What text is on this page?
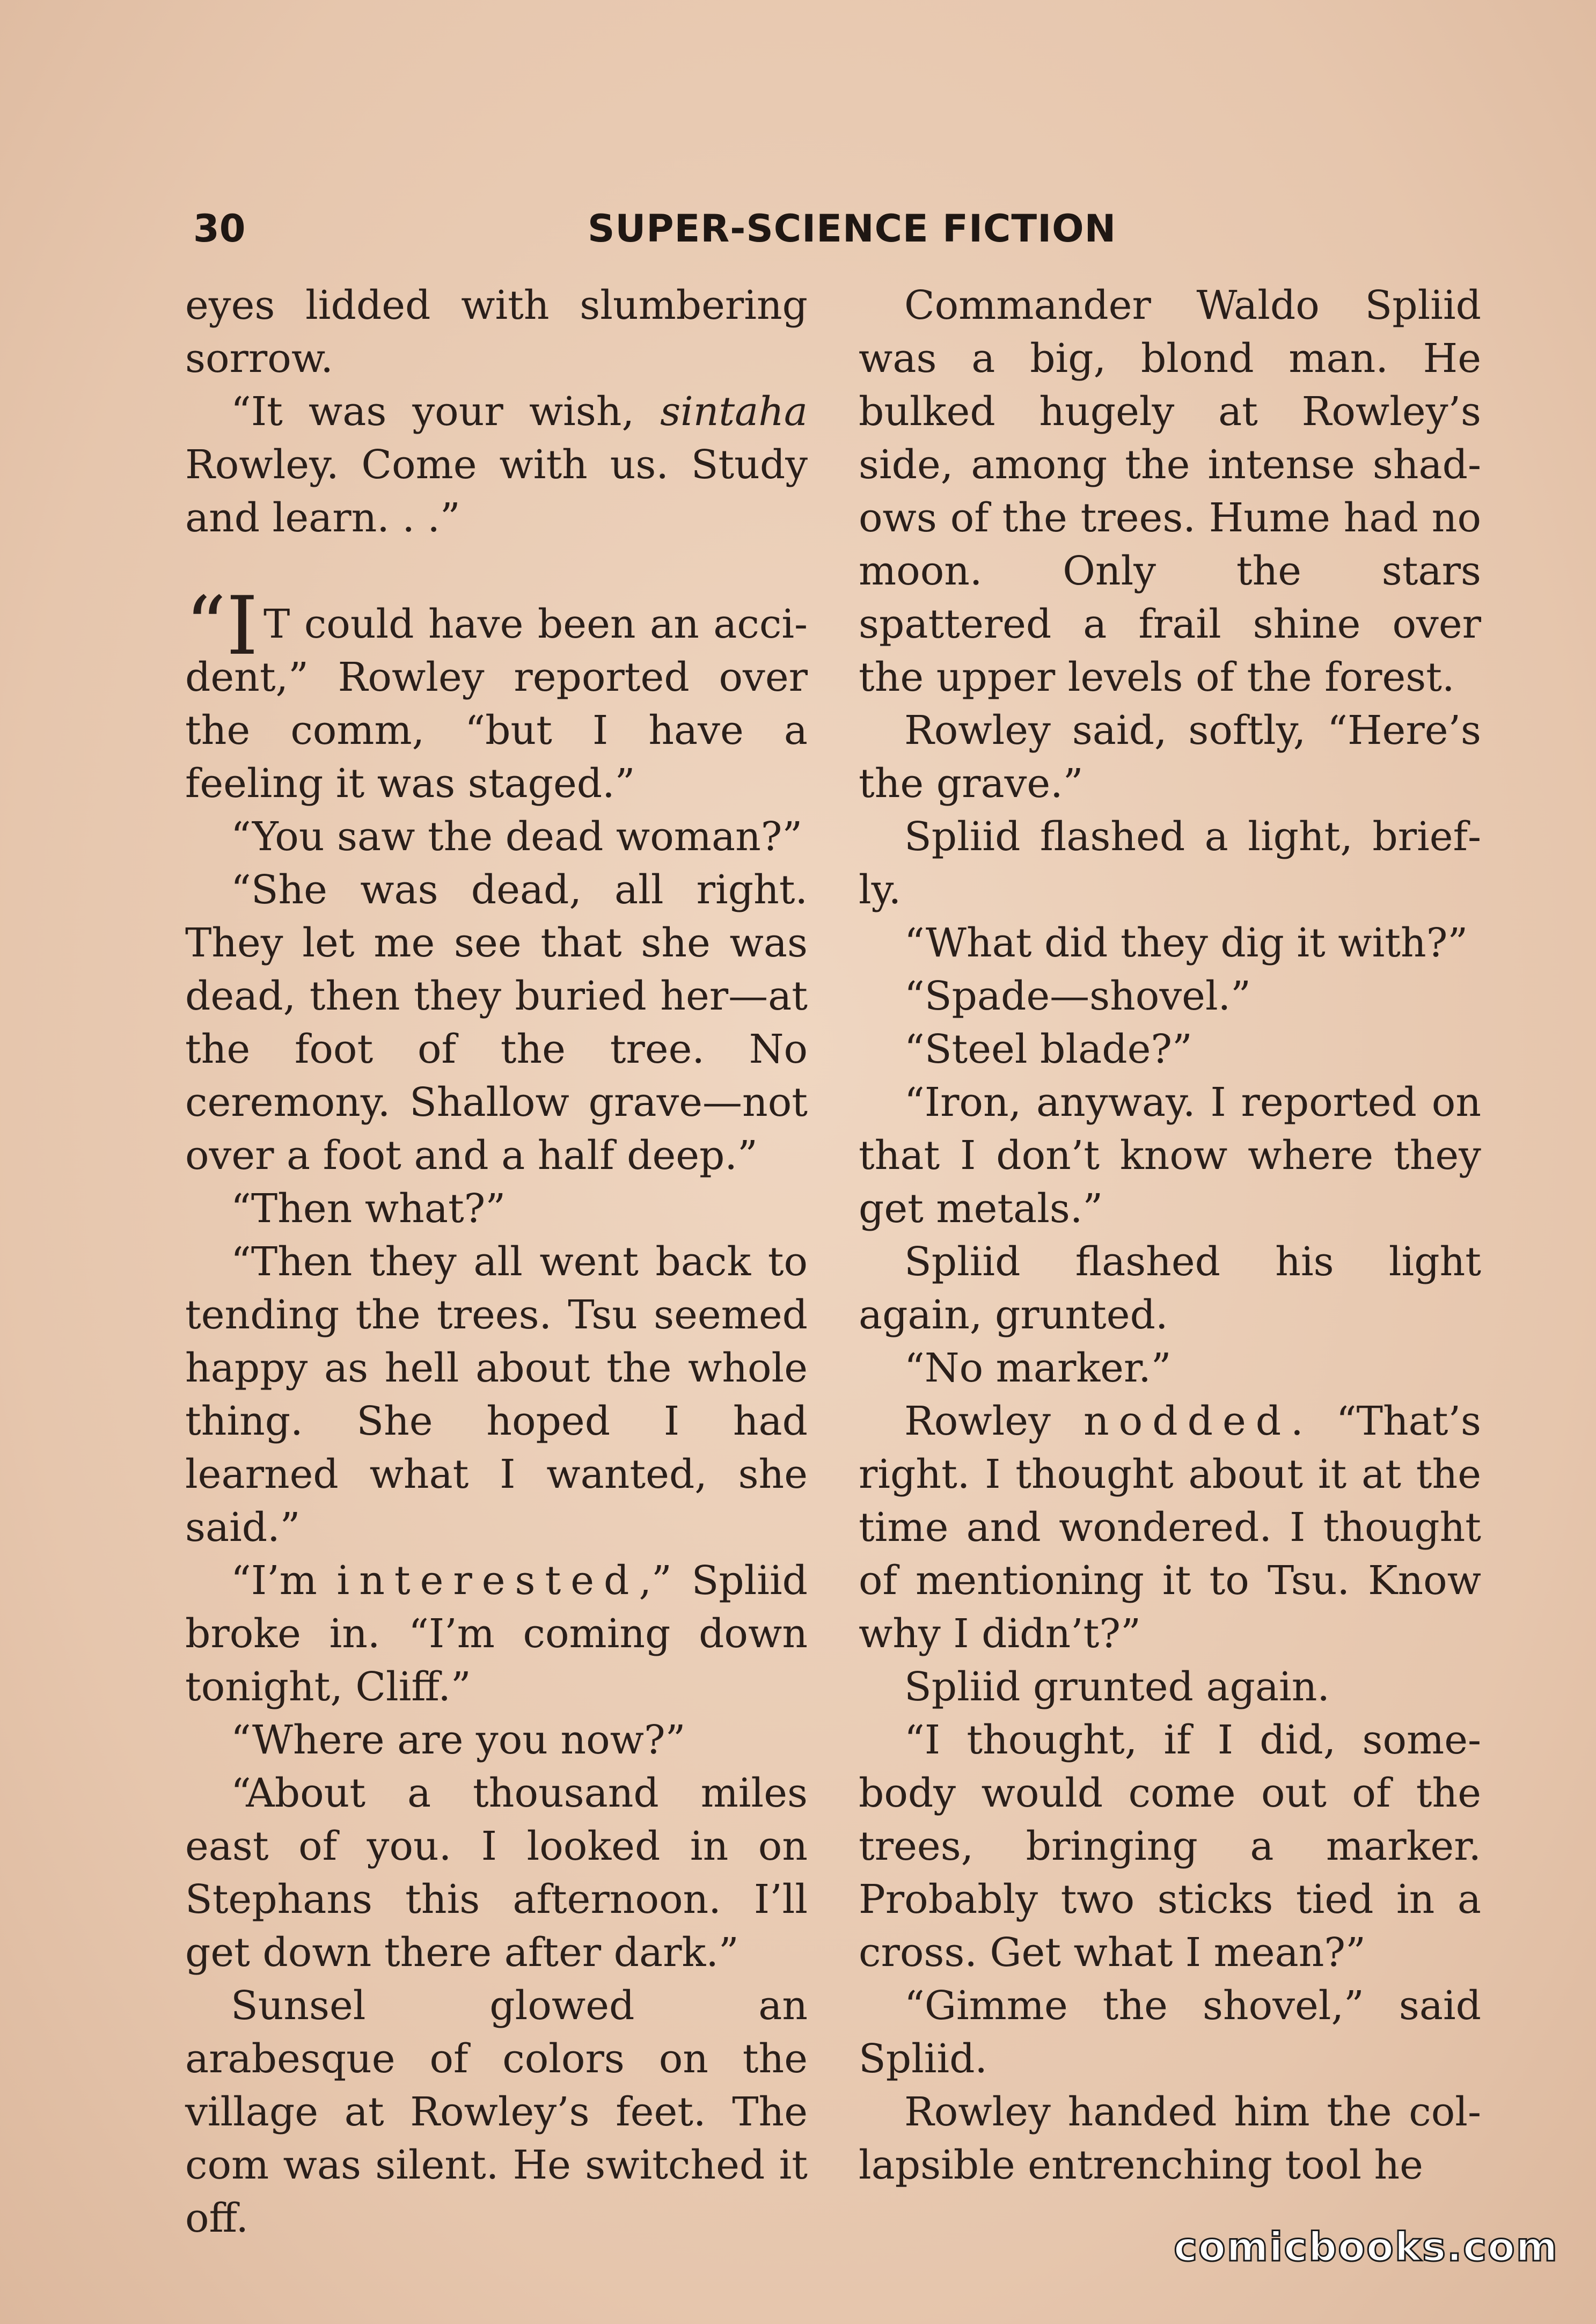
30	SUPER-SCIENCE FICTION

eyes lidded with slumbering sorrow.

“It was your wish, sintaha Rowley. Come with us. Study and learn. . .”

“I T could have been an accident,” Rowley reported over the comm, “but I have a feeling it was staged.”

“You saw the dead woman?”

“She was dead, all right. They let me see that she was dead, then they buried her—at the foot of the tree. No ceremony. Shallow grave—not over a foot and a half deep.”

“Then what?”

“Then they all went back to tending the trees. Tsu seemed happy as hell about the whole thing. She hoped I had learned what I wanted, she said.”

“I’m interested,” Spliid broke in. “I’m coming down tonight, Cliff.”

“Where are you now?”

“About a thousand miles east of you. I looked in on Stephans this afternoon. I’ll get down there after dark.”

Sunsel glowed an arabesque of colors on the village at Rowley’s feet. The com was silent. He switched it off.

Commander Waldo Spliid was a big, blond man. He bulked hugely at Rowley’s side, among the intense shadows of the trees. Hume had no moon. Only the stars spattered a frail shine over the upper levels of the forest.

Rowley said, softly, “Here’s the grave.”

Spliid flashed a light, briefly.

“What did they dig it with?”

“Spade—shovel.”

“Steel blade?”

“Iron, anyway. I reported on that I don’t know where they get metals.”

Spliid flashed his light again, grunted.

“No marker.”

Rowley nodded. “That’s right. I thought about it at the time and wondered. I thought of mentioning it to Tsu. Know why I didn’t?”

Spliid grunted again.

“I thought, if I did, somebody would come out of the trees, bringing a marker. Probably two sticks tied in a cross. Get what I mean?”

“Gimme the shovel,” said Spliid.

Rowley handed him the collapsible entrenching tool he

comicbooks.com
